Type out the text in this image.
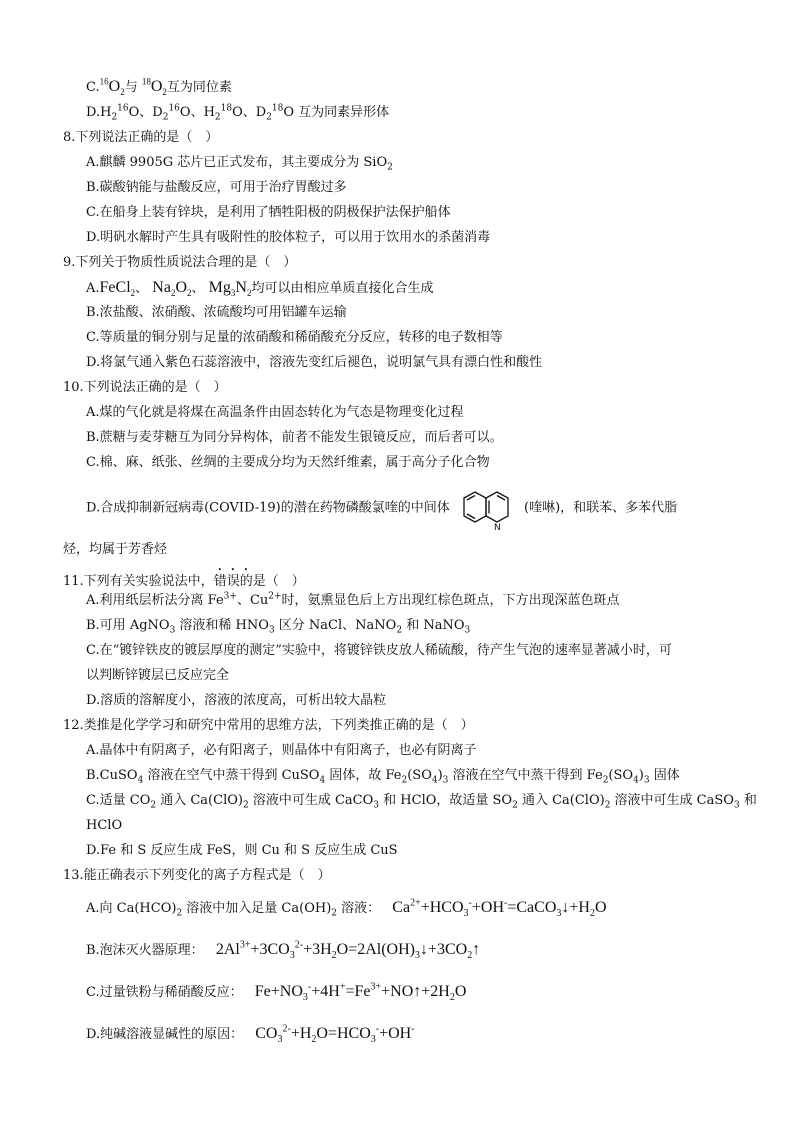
$C.^{16}O_2$与 $^{18}O_2$互为同位素
$D.H_2^{16}O$、$D_2^{16}O$、$H_2^{18}O$、$D_2^{18}O$ 互为同素异形体
8.下列说法正确的是（　）
A.麒麟 9905G 芯片已正式发布，其主要成分为 SiO$_2$
B.碳酸钠能与盐酸反应，可用于治疗胃酸过多
C.在船身上装有锌块，是利用了牺牲阳极的阴极保护法保护船体
D.明矾水解时产生具有吸附性的胶体粒子，可以用于饮用水的杀菌消毒
9.下列关于物质性质说法合理的是（　）
A.FeCl$_2$、 $Na_2O_2$、 $Mg_3N_2$均可以由相应单质直接化合生成
B.浓盐酸、浓硝酸、浓硫酸均可用铝罐车运输
C.等质量的铜分别与足量的浓硝酸和稀硝酸充分反应，转移的电子数相等
D.将氯气通入紫色石蕊溶液中，溶液先变红后褪色，说明氯气具有漂白性和酸性
10.下列说法正确的是（　）
A.煤的气化就是将煤在高温条件由固态转化为气态是物理变化过程
B.蔗糖与麦芽糖互为同分异构体，前者不能发生银镜反应，而后者可以。
C.棉、麻、纸张、丝绸的主要成分均为天然纤维素，属于高分子化合物
D.合成抑制新冠病毒(COVID-19)的潜在药物磷酸氯喹的中间体
N
(喹啉)，和联苯、多苯代脂
烃，均属于芳香烃
11.下列有关实验说法中，错误的是（　）
A.利用纸层析法分离 $Fe^{3+}$、$Cu^{2+}$时，氨熏显色后上方出现红棕色斑点，下方出现深蓝色斑点
B.可用 AgNO$_3$ 溶液和稀 $HNO_3$ 区分 NaCl、NaNO$_2$ 和 NaNO$_3$
C.在“镀锌铁皮的镀层厚度的测定”实验中，将镀锌铁皮放人稀硫酸，待产生气泡的速率显著减小时，可
以判断锌镀层已反应完全
D.溶质的溶解度小，溶液的浓度高，可析出较大晶粒
12.类推是化学学习和研究中常用的思维方法，下列类推正确的是（　）
A.晶体中有阴离子，必有阳离子，则晶体中有阳离子，也必有阴离子
B.CuSO$_4$ 溶液在空气中蒸干得到 CuSO$_4$ 固体，故 $Fe_2(SO_4)_3$ 溶液在空气中蒸干得到 $Fe_2(SO_4)_3$ 固体
C.适量 $CO_2$ 通入 $Ca(ClO)_2$ 溶液中可生成 CaCO$_3$ 和 HClO，故适量 $SO_2$ 通入 $Ca(ClO)_2$ 溶液中可生成 CaSO$_3$ 和
HClO
D.Fe 和 S 反应生成 FeS，则 Cu 和 S 反应生成 CuS
13.能正确表示下列变化的离子方程式是（　）
A.向 $Ca(HCO)_2$ 溶液中加入足量 $Ca(OH)_2$ 溶液： $Ca^{2+}+HCO_3^-+OH^-=CaCO_3↓+H_2O$
B.泡沫灭火器原理： $2Al^{3+}+3CO_3^{2-}+3H_2O=2Al(OH)_3↓+3CO_2↑$
C.过量铁粉与稀硝酸反应： $Fe+NO_3^-+4H^+=Fe^{3+}+NO↑+2H_2O$
D.纯碱溶液显碱性的原因： $CO_3^{2-}+H_2O=HCO_3^-+OH^-$
